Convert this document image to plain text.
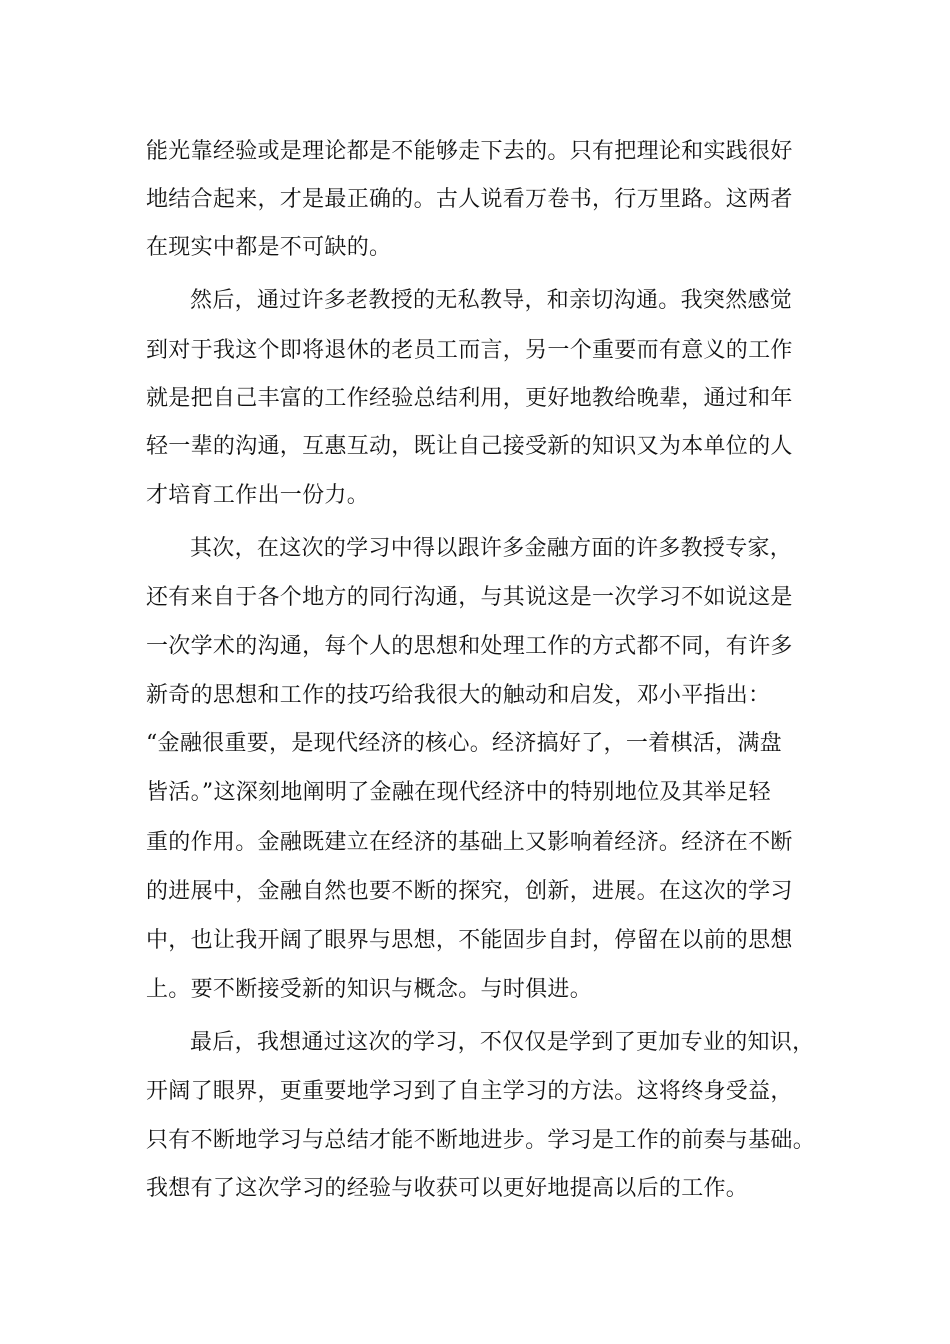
能光靠经验或是理论都是不能够走下去的。只有把理论和实践很好
地结合起来，才是最正确的。古人说看万卷书，行万里路。这两者
在现实中都是不可缺的。
然后，通过许多老教授的无私教导，和亲切沟通。我突然感觉
到对于我这个即将退休的老员工而言，另一个重要而有意义的工作
就是把自己丰富的工作经验总结利用，更好地教给晚辈，通过和年
轻一辈的沟通，互惠互动，既让自己接受新的知识又为本单位的人
才培育工作出一份力。
其次，在这次的学习中得以跟许多金融方面的许多教授专家，
还有来自于各个地方的同行沟通，与其说这是一次学习不如说这是
一次学术的沟通，每个人的思想和处理工作的方式都不同，有许多
新奇的思想和工作的技巧给我很大的触动和启发，邓小平指出：
“金融很重要，是现代经济的核心。经济搞好了，一着棋活，满盘
皆活。”这深刻地阐明了金融在现代经济中的特别地位及其举足轻
重的作用。金融既建立在经济的基础上又影响着经济。经济在不断
的进展中，金融自然也要不断的探究，创新，进展。在这次的学习
中，也让我开阔了眼界与思想，不能固步自封，停留在以前的思想
上。要不断接受新的知识与概念。与时俱进。
最后，我想通过这次的学习，不仅仅是学到了更加专业的知识，
开阔了眼界，更重要地学习到了自主学习的方法。这将终身受益，
只有不断地学习与总结才能不断地进步。学习是工作的前奏与基础。
我想有了这次学习的经验与收获可以更好地提高以后的工作。
